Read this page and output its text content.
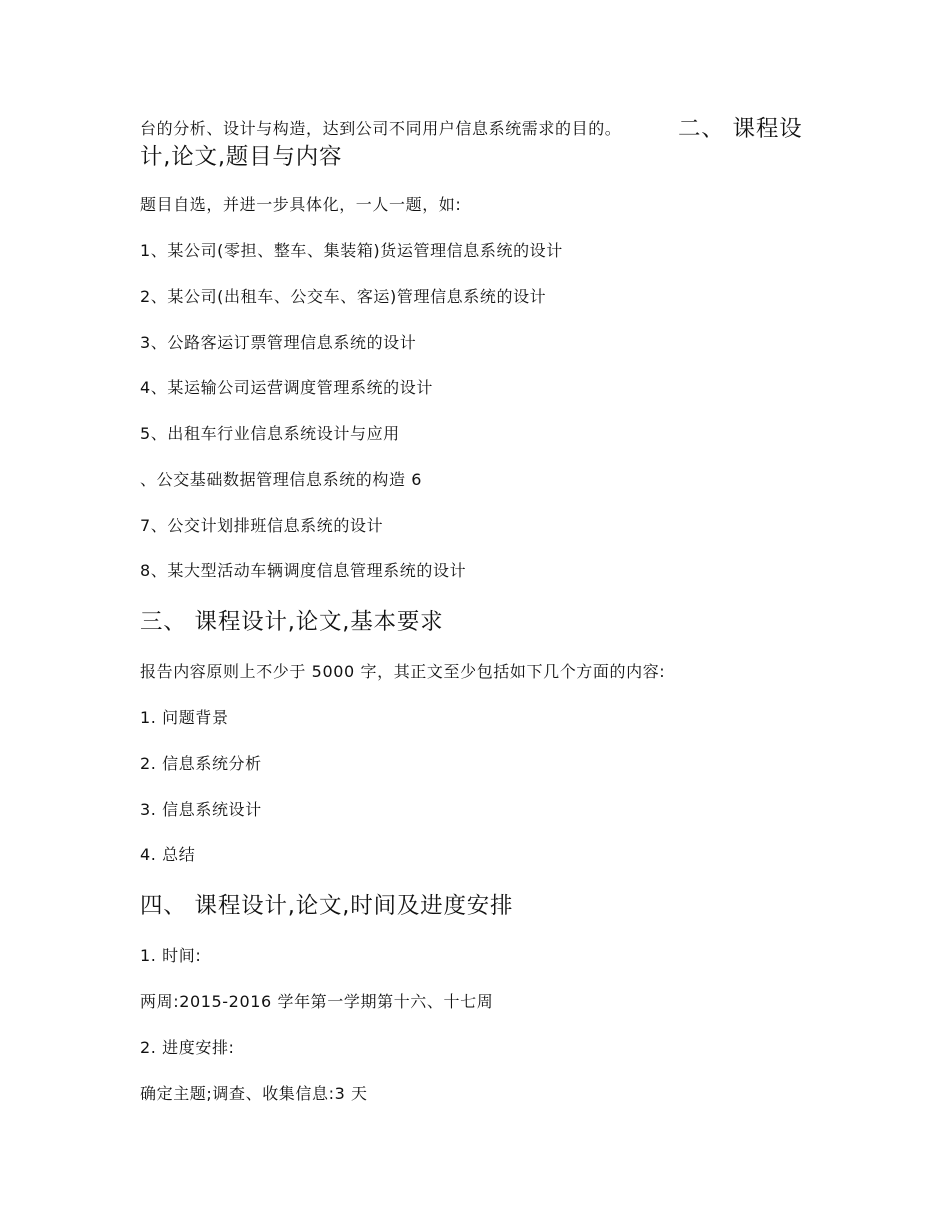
台的分析、设计与构造，达到公司不同用户信息系统需求的目的。	二、 课程设
计,论文,题目与内容
题目自选，并进一步具体化，一人一题，如:
1、某公司(零担、整车、集装箱)货运管理信息系统的设计
2、某公司(出租车、公交车、客运)管理信息系统的设计
3、公路客运订票管理信息系统的设计
4、某运输公司运营调度管理系统的设计
5、出租车行业信息系统设计与应用
、公交基础数据管理信息系统的构造 6
7、公交计划排班信息系统的设计
8、某大型活动车辆调度信息管理系统的设计
三、 课程设计,论文,基本要求
报告内容原则上不少于 5000 字，其正文至少包括如下几个方面的内容:
1. 问题背景
2. 信息系统分析
3. 信息系统设计
4. 总结
四、 课程设计,论文,时间及进度安排
1. 时间:
两周:2015-2016 学年第一学期第十六、十七周
2. 进度安排:
确定主题;调查、收集信息:3 天
